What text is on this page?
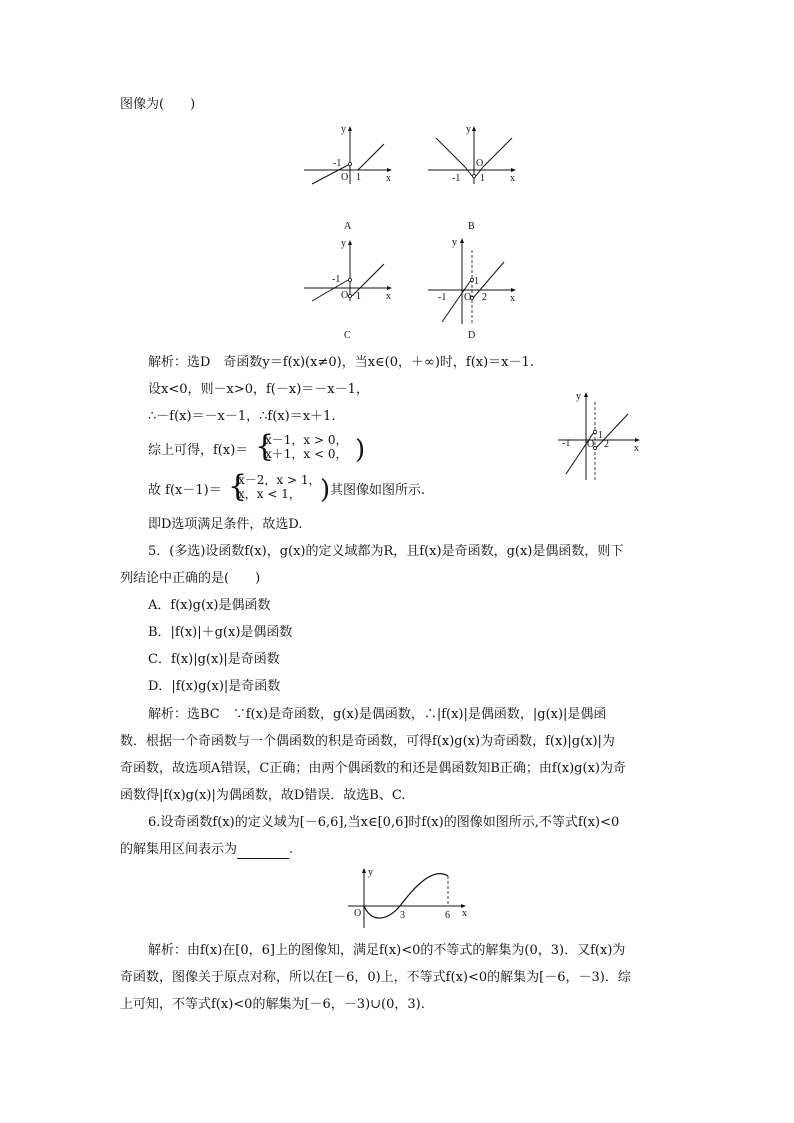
图像为(　　)
y
x
O
-1
1
A
y
x
O
-1 1
B
y
x
O
-1
1
C
y
x
O
-1
1
2
D
解析：选D　奇函数y＝f(x)(x≠0)，当x∈(0，＋∞)时，f(x)＝x－1.
设x<0，则－x>0，f(－x)＝－x－1，
∴－f(x)＝－x－1，∴f(x)＝x＋1.
综上可得，f(x)＝ {
x－1，x > 0，
x＋1，x < 0， )
故 f(x－1)＝ {
x－2，x > 1，
x，x < 1， ) 其图像如图所示.
即D选项满足条件，故选D.
y
x
O
-1
1
2
5．(多选)设函数f(x)，g(x)的定义域都为R，且f(x)是奇函数，g(x)是偶函数，则下
列结论中正确的是(　　)
A．f(x)g(x)是偶函数
B．|f(x)|＋g(x)是偶函数
C．f(x)|g(x)|是奇函数
D．|f(x)g(x)|是奇函数
解析：选BC　∵f(x)是奇函数，g(x)是偶函数，∴|f(x)|是偶函数，|g(x)|是偶函
数．根据一个奇函数与一个偶函数的积是奇函数，可得f(x)g(x)为奇函数，f(x)|g(x)|为
奇函数，故选项A错误，C正确；由两个偶函数的和还是偶函数知B正确；由f(x)g(x)为奇
函数得|f(x)g(x)|为偶函数，故D错误．故选B、C.
6.设奇函数f(x)的定义域为[－6,6],当x∈[0,6]时f(x)的图像如图所示,不等式f(x)<0
的解集用区间表示为	.
y
x
O	3	6
解析：由f(x)在[0，6]上的图像知，满足f(x)<0的不等式的解集为(0，3)．又f(x)为
奇函数，图像关于原点对称，所以在[－6，0)上，不等式f(x)<0的解集为[－6，－3)．综
上可知，不等式f(x)<0的解集为[－6，－3)∪(0，3).
